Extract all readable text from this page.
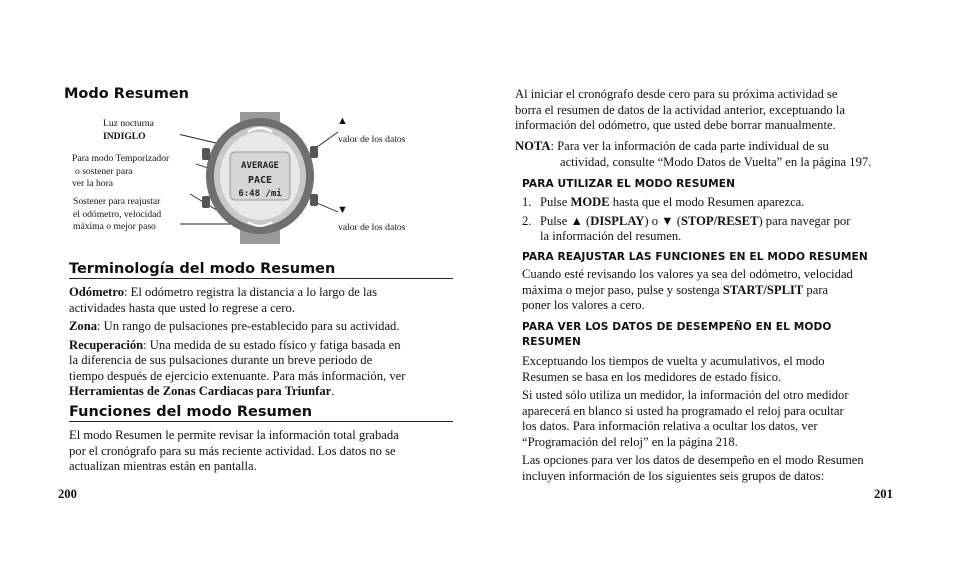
Modo Resumen
Luz nocturna
INDIGLO
Para modo Temporizador
o sostener para
ver la hora
Sostener para reajustar
el odómetro, velocidad
máxima o mejor paso
▲
valor de los datos
▼
valor de los datos
AVERAGE
PACE
6:48 /mi
Terminología del modo Resumen

Odómetro: El odómetro registra la distancia a lo largo de las
actividades hasta que usted lo regrese a cero.

Zona: Un rango de pulsaciones pre-establecido para su actividad.

Recuperación: Una medida de su estado físico y fatiga basada en
la diferencia de sus pulsaciones durante un breve periodo de
tiempo después de ejercicio extenuante. Para más información, ver
Herramientas de Zonas Cardiacas para Triunfar.

Funciones del modo Resumen

El modo Resumen le permite revisar la información total grabada
por el cronógrafo para su más reciente actividad. Los datos no se
actualizan mientras están en pantalla.

200

Al iniciar el cronógrafo desde cero para su próxima actividad se
borra el resumen de datos de la actividad anterior, exceptuando la
información del odómetro, que usted debe borrar manualmente.

NOTA: Para ver la información de cada parte individual de su

actividad, consulte “Modo Datos de Vuelta” en la página 197.

PARA UTILIZAR EL MODO RESUMEN

1. Pulse MODE hasta que el modo Resumen aparezca.

2. Pulse ▲ (DISPLAY) o ▼ (STOP/RESET) para navegar por

la información del resumen.

PARA REAJUSTAR LAS FUNCIONES EN EL MODO RESUMEN

Cuando esté revisando los valores ya sea del odómetro, velocidad
máxima o mejor paso, pulse y sostenga START/SPLIT para
poner los valores a cero.

PARA VER LOS DATOS DE DESEMPEÑO EN EL MODO
RESUMEN

Exceptuando los tiempos de vuelta y acumulativos, el modo
Resumen se basa en los medidores de estado físico.

Si usted sólo utiliza un medidor, la información del otro medidor
aparecerá en blanco si usted ha programado el reloj para ocultar
los datos. Para información relativa a ocultar los datos, ver
“Programación del reloj” en la página 218.

Las opciones para ver los datos de desempeño en el modo Resumen
incluyen información de los siguientes seis grupos de datos:

201
